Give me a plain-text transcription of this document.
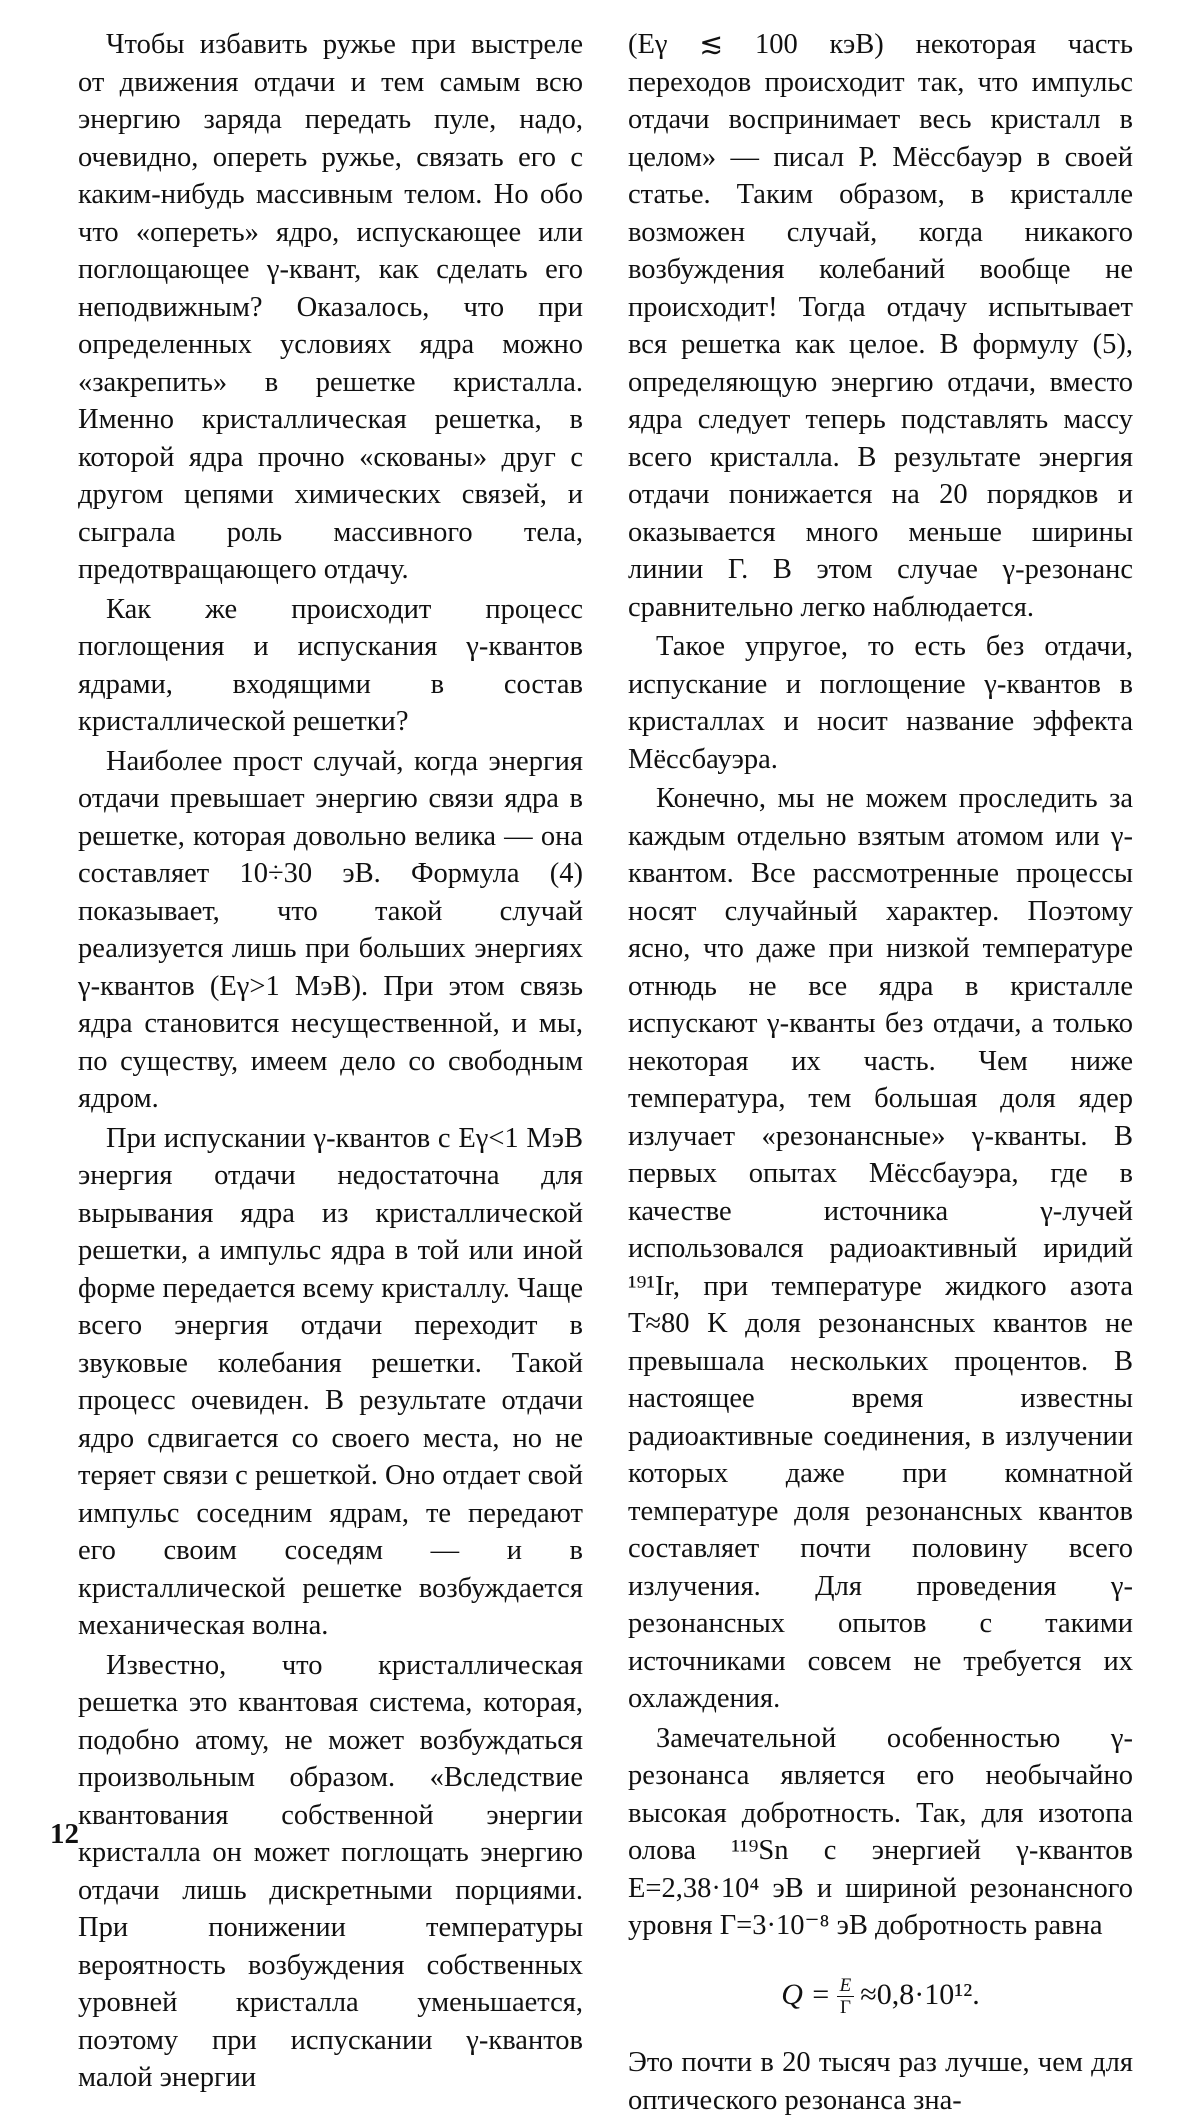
Чтобы избавить ружье при выстреле от движения отдачи и тем самым всю энергию заряда передать пуле, надо, очевидно, опереть ружье, связать его с каким-нибудь массивным телом. Но обо что «опереть» ядро, испускающее или поглощающее γ-квант, как сделать его неподвижным? Оказалось, что при определенных условиях ядра можно «закрепить» в решетке кристалла. Именно кристаллическая решетка, в которой ядра прочно «скованы» друг с другом цепями химических связей, и сыграла роль массивного тела, предотвращающего отдачу.

Как же происходит процесс поглощения и испускания γ-квантов ядрами, входящими в состав кристаллической решетки?

Наиболее прост случай, когда энергия отдачи превышает энергию связи ядра в решетке, которая довольно велика — она составляет 10÷30 эВ. Формула (4) показывает, что такой случай реализуется лишь при больших энергиях γ-квантов (Eγ>1 МэВ). При этом связь ядра становится несущественной, и мы, по существу, имеем дело со свободным ядром.

При испускании γ-квантов с Eγ<1 МэВ энергия отдачи недостаточна для вырывания ядра из кристаллической решетки, а импульс ядра в той или иной форме передается всему кристаллу. Чаще всего энергия отдачи переходит в звуковые колебания решетки. Такой процесс очевиден. В результате отдачи ядро сдвигается со своего места, но не теряет связи с решеткой. Оно отдает свой импульс соседним ядрам, те передают его своим соседям — и в кристаллической решетке возбуждается механическая волна.

Известно, что кристаллическая решетка это квантовая система, которая, подобно атому, не может возбуждаться произвольным образом. «Вследствие квантования собственной энергии кристалла он может поглощать энергию отдачи лишь дискретными порциями. При понижении температуры вероятность возбуждения собственных уровней кристалла уменьшается, поэтому при испускании γ-квантов малой энергии

(Eγ ≲ 100 кэВ) некоторая часть переходов происходит так, что импульс отдачи воспринимает весь кристалл в целом» — писал Р. Мёссбауэр в своей статье. Таким образом, в кристалле возможен случай, когда никакого возбуждения колебаний вообще не происходит! Тогда отдачу испытывает вся решетка как целое. В формулу (5), определяющую энергию отдачи, вместо ядра следует теперь подставлять массу всего кристалла. В результате энергия отдачи понижается на 20 порядков и оказывается много меньше ширины линии Г. В этом случае γ-резонанс сравнительно легко наблюдается.

Такое упругое, то есть без отдачи, испускание и поглощение γ-квантов в кристаллах и носит название эффекта Мёссбауэра.

Конечно, мы не можем проследить за каждым отдельно взятым атомом или γ-квантом. Все рассмотренные процессы носят случайный характер. Поэтому ясно, что даже при низкой температуре отнюдь не все ядра в кристалле испускают γ-кванты без отдачи, а только некоторая их часть. Чем ниже температура, тем большая доля ядер излучает «резонансные» γ-кванты. В первых опытах Мёссбауэра, где в качестве источника γ-лучей использовался радиоактивный иридий ¹⁹¹Ir, при температуре жидкого азота T≈80 K доля резонансных квантов не превышала нескольких процентов. В настоящее время известны радиоактивные соединения, в излучении которых даже при комнатной температуре доля резонансных квантов составляет почти половину всего излучения. Для проведения γ-резонансных опытов с такими источниками совсем не требуется их охлаждения.

Замечательной особенностью γ-резонанса является его необычайно высокая добротность. Так, для изотопа олова ¹¹⁹Sn с энергией γ-квантов E=2,38·10⁴ эВ и шириной резонансного уровня Г=3·10⁻⁸ эВ добротность равна

$Q = \frac{E}{Г} \approx 0,8\cdot 10^{12}$.

Это почти в 20 тысяч раз лучше, чем для оптического резонанса зна-

12
